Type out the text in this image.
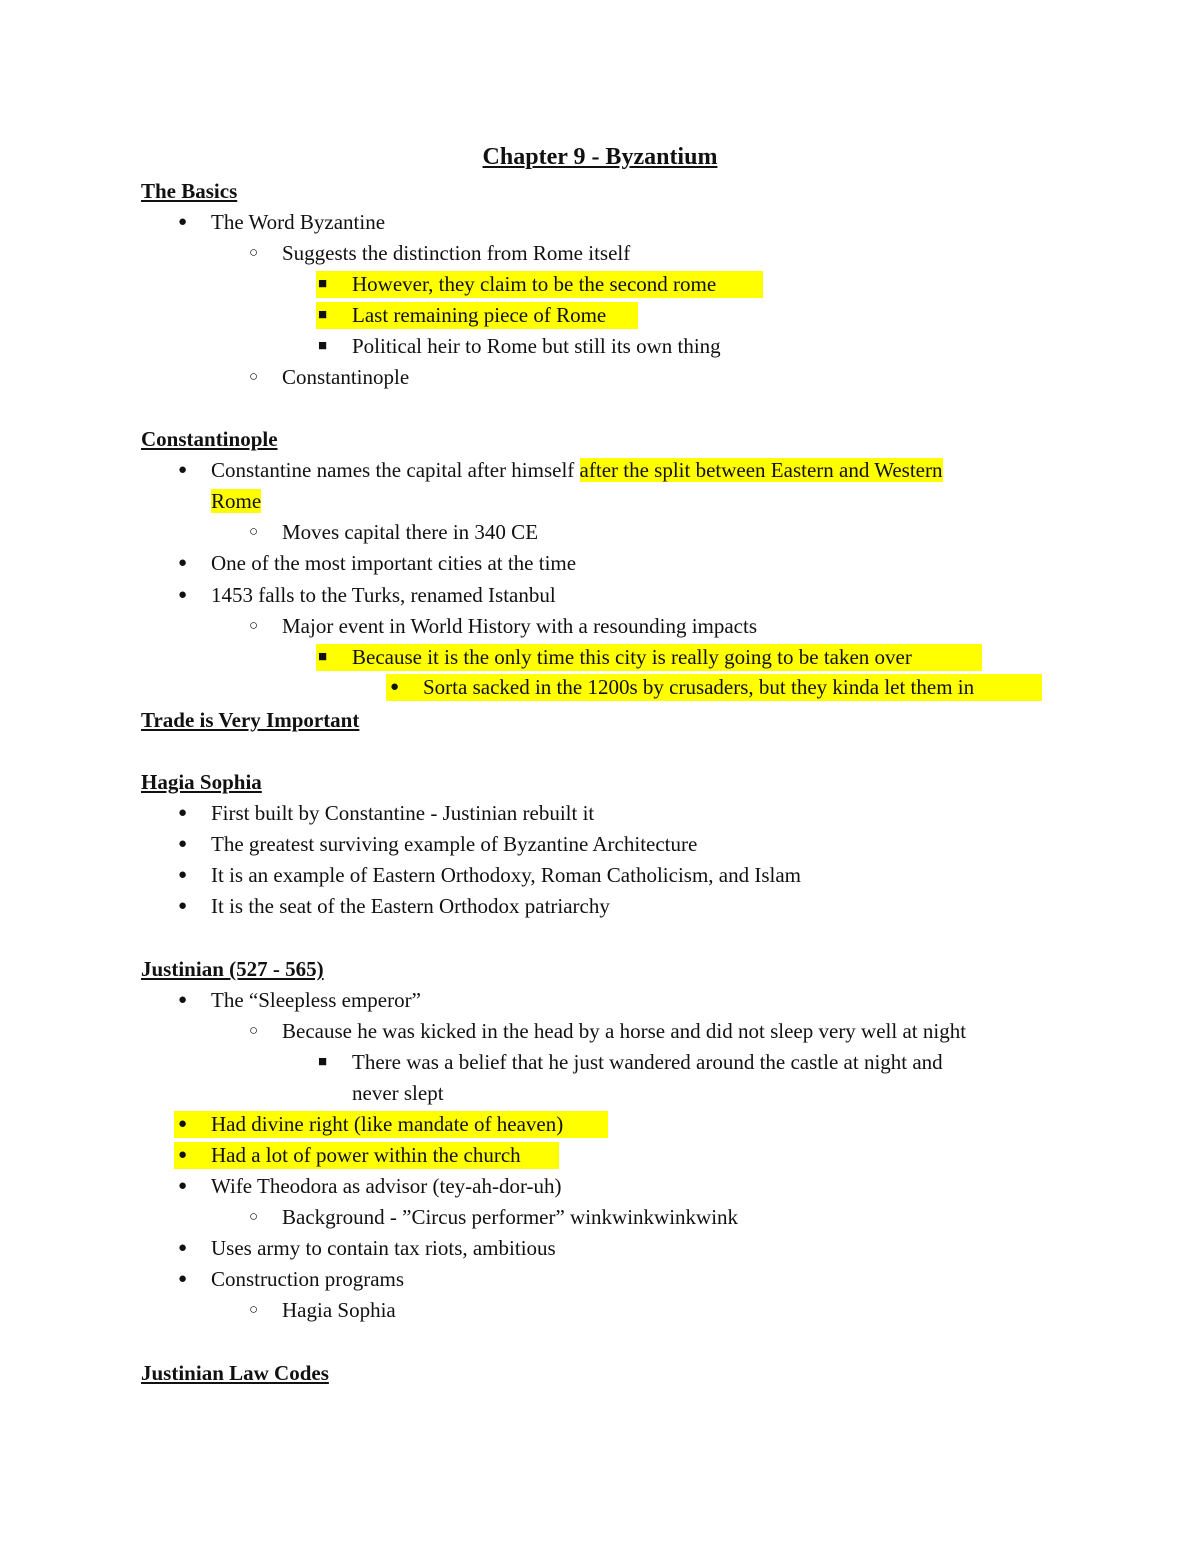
Chapter 9 - Byzantium
The Basics
● The Word Byzantine
○ Suggests the distinction from Rome itself
■ However, they claim to be the second rome
■ Last remaining piece of Rome
■ Political heir to Rome but still its own thing
○ Constantinople
Constantinople
● Constantine names the capital after himself after the split between Eastern and Western
Rome
○ Moves capital there in 340 CE
● One of the most important cities at the time
● 1453 falls to the Turks, renamed Istanbul
○ Major event in World History with a resounding impacts
■ Because it is the only time this city is really going to be taken over
● Sorta sacked in the 1200s by crusaders, but they kinda let them in
Trade is Very Important
Hagia Sophia
● First built by Constantine - Justinian rebuilt it
● The greatest surviving example of Byzantine Architecture
● It is an example of Eastern Orthodoxy, Roman Catholicism, and Islam
● It is the seat of the Eastern Orthodox patriarchy
Justinian (527 - 565)
● The “Sleepless emperor”
○ Because he was kicked in the head by a horse and did not sleep very well at night
■ There was a belief that he just wandered around the castle at night and
never slept
● Had divine right (like mandate of heaven)
● Had a lot of power within the church
● Wife Theodora as advisor (tey-ah-dor-uh)
○ Background - ”Circus performer” winkwinkwinkwink
● Uses army to contain tax riots, ambitious
● Construction programs
○ Hagia Sophia
Justinian Law Codes
